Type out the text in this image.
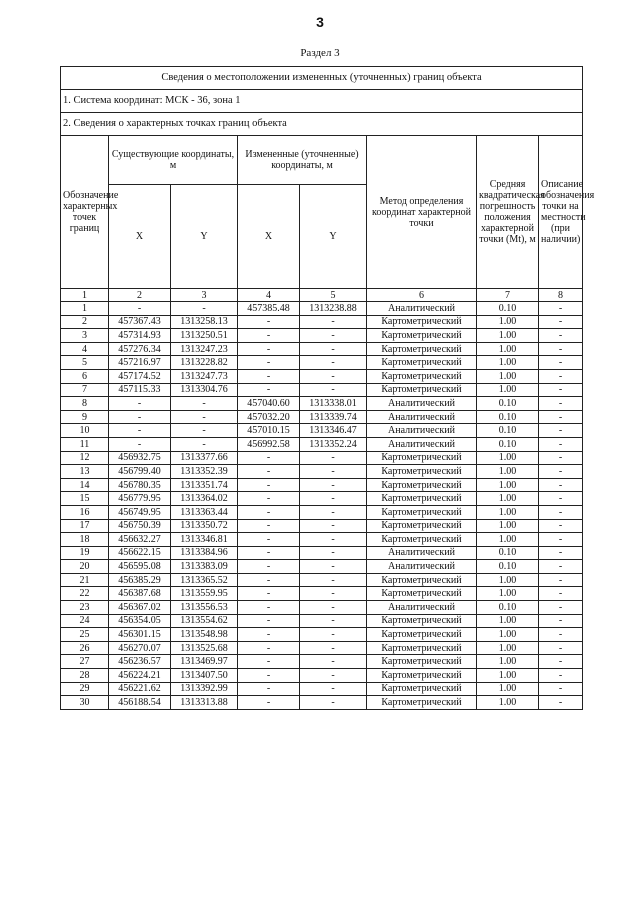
3
Раздел 3
Сведения о местоположении измененных (уточненных) границ объекта							
1. Система координат: МСК - 36, зона 1							
2. Сведения о характерных точках границ объекта							
Обозначение характерных точек границ	Существующие координаты, м		Измененные (уточненные) координаты, м		Метод определения координат характерной точки	Средняя квадратическая погрешность положения характерной точки (Mt), м	Описание обозначения точки на местности (при наличии)
	X	Y	X	Y			
1	2	3	4	5	6	7	8
1	-	-	457385.48	1313238.88	Аналитический	0.10	-
2	457367.43	1313258.13	-	-	Картометрический	1.00	-
3	457314.93	1313250.51	-	-	Картометрический	1.00	-
4	457276.34	1313247.23	-	-	Картометрический	1.00	-
5	457216.97	1313228.82	-	-	Картометрический	1.00	-
6	457174.52	1313247.73	-	-	Картометрический	1.00	-
7	457115.33	1313304.76	-	-	Картометрический	1.00	-
8	-	-	457040.60	1313338.01	Аналитический	0.10	-
9	-	-	457032.20	1313339.74	Аналитический	0.10	-
10	-	-	457010.15	1313346.47	Аналитический	0.10	-
11	-	-	456992.58	1313352.24	Аналитический	0.10	-
12	456932.75	1313377.66	-	-	Картометрический	1.00	-
13	456799.40	1313352.39	-	-	Картометрический	1.00	-
14	456780.35	1313351.74	-	-	Картометрический	1.00	-
15	456779.95	1313364.02	-	-	Картометрический	1.00	-
16	456749.95	1313363.44	-	-	Картометрический	1.00	-
17	456750.39	1313350.72	-	-	Картометрический	1.00	-
18	456632.27	1313346.81	-	-	Картометрический	1.00	-
19	456622.15	1313384.96	-	-	Аналитический	0.10	-
20	456595.08	1313383.09	-	-	Аналитический	0.10	-
21	456385.29	1313365.52	-	-	Картометрический	1.00	-
22	456387.68	1313559.95	-	-	Картометрический	1.00	-
23	456367.02	1313556.53	-	-	Аналитический	0.10	-
24	456354.05	1313554.62	-	-	Картометрический	1.00	-
25	456301.15	1313548.98	-	-	Картометрический	1.00	-
26	456270.07	1313525.68	-	-	Картометрический	1.00	-
27	456236.57	1313469.97	-	-	Картометрический	1.00	-
28	456224.21	1313407.50	-	-	Картометрический	1.00	-
29	456221.62	1313392.99	-	-	Картометрический	1.00	-
30	456188.54	1313313.88	-	-	Картометрический	1.00	-
